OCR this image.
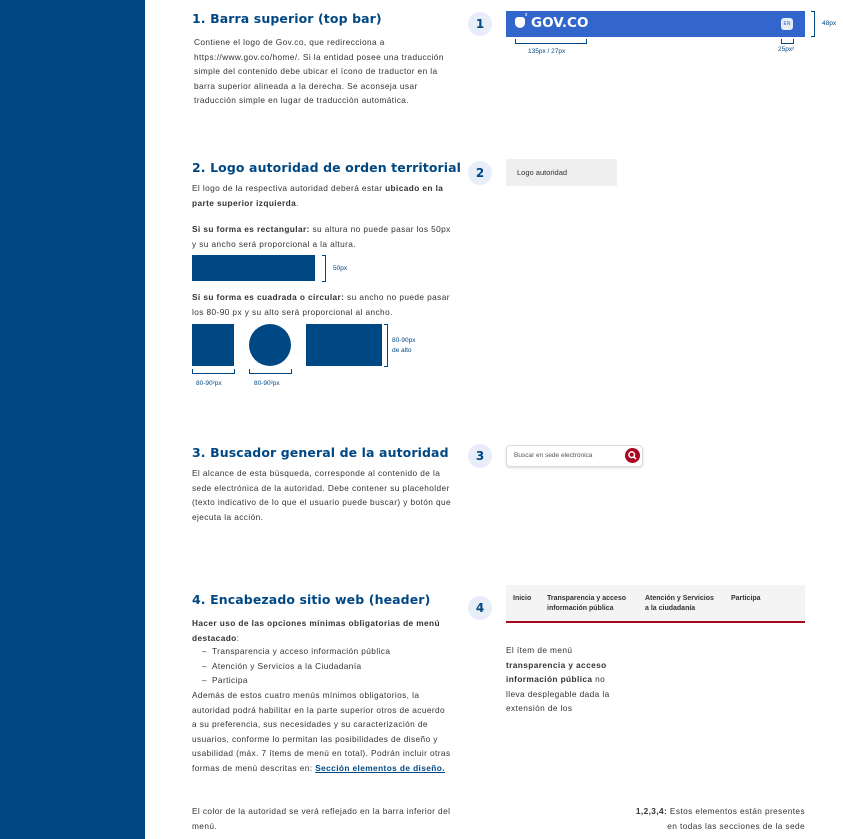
1. Barra superior (top bar)
Contiene el logo de Gov.co, que redirecciona a https://www.gov.co/home/. Si la entidad posee una traducción simple del contenido debe ubicar el ícono de traductor en la barra superior alineada a la derecha. Se aconseja usar traducción simple en lugar de traducción automática.
1
² GOV.CO	EN	48px
135px / 27px	25px²
2. Logo autoridad de orden territorial
El logo de la respectiva autoridad deberá estar ubicado en la parte superior izquierda.
Si su forma es rectangular: su altura no puede pasar los 50px y su ancho será proporcional a la altura.
50px
Si su forma es cuadrada o circular: su ancho no puede pasar los 80-90 px y su alto será proporcional al ancho.
80-90px
de alto
80-90²px	80-90²px
2	Logo autoridad
3. Buscador general de la autoridad
El alcance de esta búsqueda, corresponde al contenido de la sede electrónica de la autoridad. Debe contener su placeholder (texto indicativo de lo que el usuario puede buscar) y botón que ejecuta la acción.
3	Buscar en sede electrónica
4. Encabezado sitio web (header)
Hacer uso de las opciones mínimas obligatorias de menú destacado:
– Transparencia y acceso información pública
– Atención y Servicios a la Ciudadanía
– Participa
Además de estos cuatro menús mínimos obligatorios, la autoridad podrá habilitar en la parte superior otros de acuerdo a su preferencia, sus necesidades y su caracterización de usuarios, conforme lo permitan las posibilidades de diseño y usabilidad (máx. 7 ítems de menú en total). Podrán incluir otras formas de menú descritas en: Sección elementos de diseño.
El color de la autoridad se verá reflejado en la barra inferior del menú.
4
Inicio Transparencia y acceso
información pública
Atención y Servicios
a la ciudadanía
Participa
El ítem de menú transparencia y acceso información pública no lleva desplegable dada la extensión de los
1,2,3,4: Estos elementos están presentes
en todas las secciones de la sede
